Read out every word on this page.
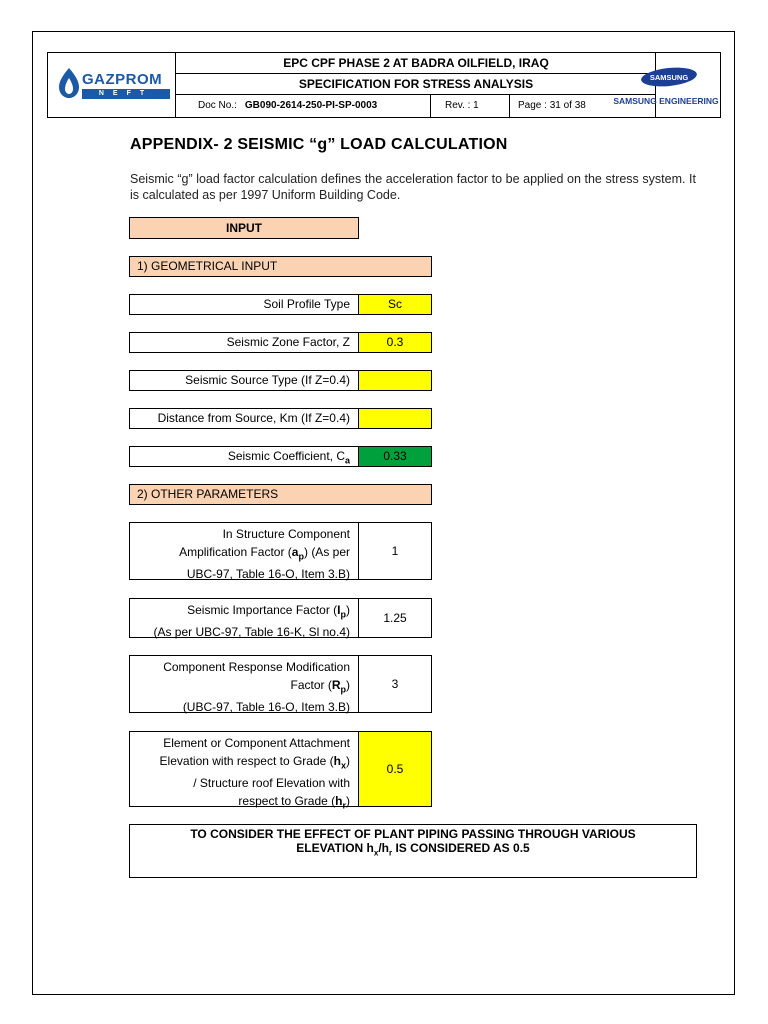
GAZPROM
NEFT
EPC CPF PHASE 2 AT BADRA OILFIELD, IRAQ
SPECIFICATION FOR STRESS ANALYSIS
Doc No.: GB090-2614-250-PI-SP-0003	Rev. : 1	Page : 31 of 38
SAMSUNG
SAMSUNG ENGINEERING
APPENDIX- 2 SEISMIC “g” LOAD CALCULATION
Seismic “g” load factor calculation defines the acceleration factor to be applied on the stress system. It is calculated as per 1997 Uniform Building Code.
INPUT
1) GEOMETRICAL INPUT
Soil Profile Type	Sc
Seismic Zone Factor, Z	0.3
Seismic Source Type (If Z=0.4)
Distance from Source, Km (If Z=0.4)
Seismic Coefficient, $C_a$	0.33
2) OTHER PARAMETERS
In Structure Component
Amplification Factor $(a_p)$ (As per
UBC-97, Table 16-O, Item 3.B)
1
Seismic Importance Factor $(I_p)$
(As per UBC-97, Table 16-K, Sl no.4)
1.25
Component Response Modification
Factor $(R_p)$
(UBC-97, Table 16-O, Item 3.B)
3
Element or Component Attachment
Elevation with respect to Grade $(h_x)$
/ Structure roof Elevation with
respect to Grade $(h_r)$
0.5
TO CONSIDER THE EFFECT OF PLANT PIPING PASSING THROUGH VARIOUS
ELEVATION $h_x/h_r$ IS CONSIDERED AS 0.5
